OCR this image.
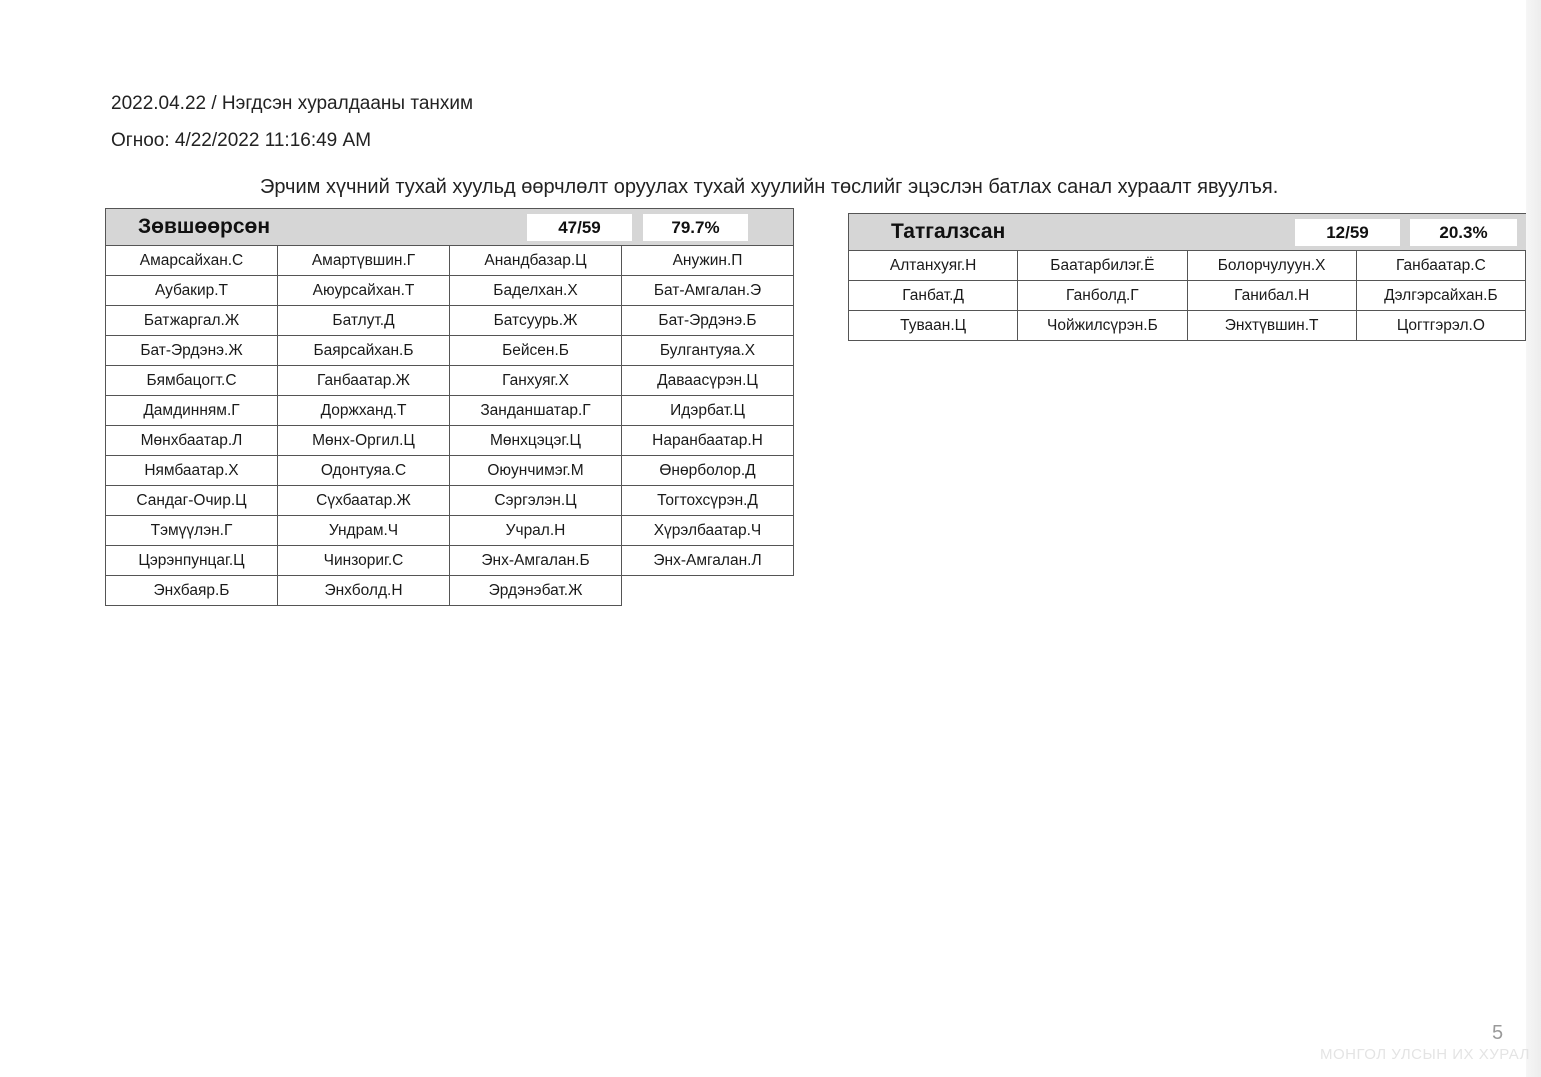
2022.04.22 / Нэгдсэн хуралдааны танхим
Огноо: 4/22/2022 11:16:49 AM
Эрчим хүчний тухай хуульд өөрчлөлт оруулах тухай хуулийн төслийг эцэслэн батлах санал хураалт явуулъя.
Зөвшөөрсөн	47/59	79.7%
Амарсайхан.С	Амартүвшин.Г	Анандбазар.Ц	Анужин.П
Аубакир.Т	Аюурсайхан.Т	Баделхан.Х	Бат-Амгалан.Э
Батжаргал.Ж	Батлут.Д	Батсуурь.Ж	Бат-Эрдэнэ.Б
Бат-Эрдэнэ.Ж	Баярсайхан.Б	Бейсен.Б	Булгантуяа.Х
Бямбацогт.С	Ганбаатар.Ж	Ганхуяг.Х	Даваасүрэн.Ц
Дамдинням.Г	Доржханд.Т	Занданшатар.Г	Идэрбат.Ц
Мөнхбаатар.Л	Мөнх-Оргил.Ц	Мөнхцэцэг.Ц	Наранбаатар.Н
Нямбаатар.Х	Одонтуяа.С	Оюунчимэг.М	Өнөрболор.Д
Сандаг-Очир.Ц	Сүхбаатар.Ж	Сэргэлэн.Ц	Тогтохсүрэн.Д
Тэмүүлэн.Г	Ундрам.Ч	Учрал.Н	Хүрэлбаатар.Ч
Цэрэнпунцаг.Ц	Чинзориг.С	Энх-Амгалан.Б	Энх-Амгалан.Л
Энхбаяр.Б	Энхболд.Н	Эрдэнэбат.Ж
Татгалзсан	12/59	20.3%
Алтанхуяг.Н	Баатарбилэг.Ё	Болорчулуун.Х	Ганбаатар.С
Ганбат.Д	Ганболд.Г	Ганибал.Н	Дэлгэрсайхан.Б
Туваан.Ц	Чойжилсүрэн.Б	Энхтүвшин.Т	Цогтгэрэл.О
МОНГОЛ УЛСЫН ИХ ХУРАЛ
5
